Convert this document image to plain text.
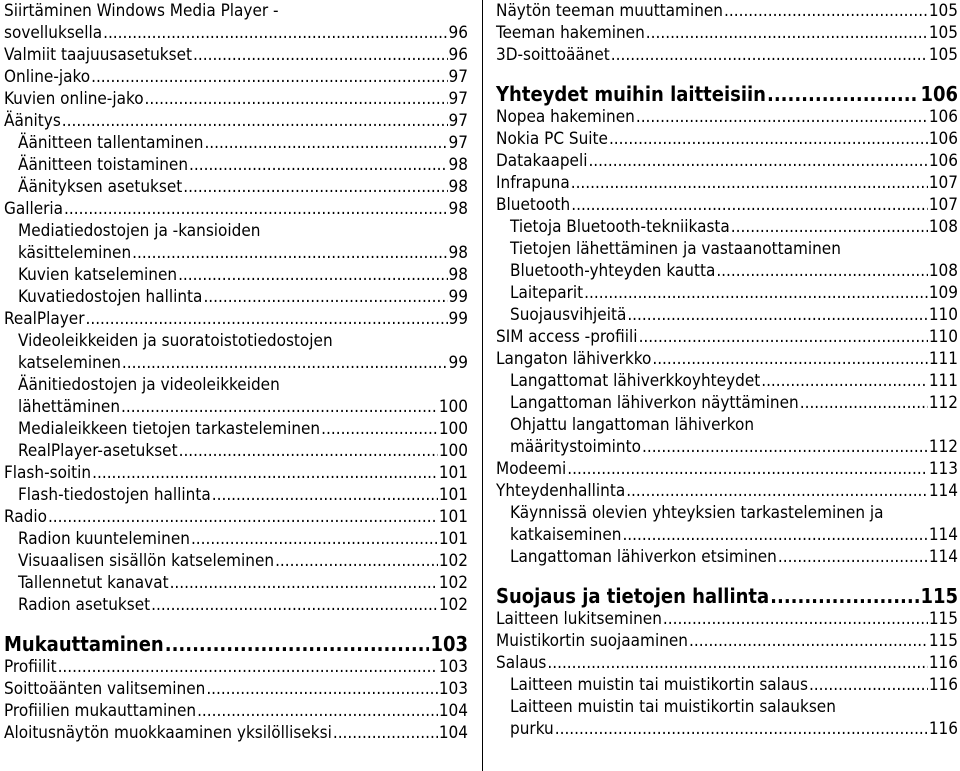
Siirtäminen Windows Media Player -
sovelluksella .....	96
Valmiit taajuusasetukset .....	96
Online-jako .....	97
Kuvien online-jako .....	97
Äänitys .....	97
Äänitteen tallentaminen .....	97
Äänitteen toistaminen .....	98
Äänityksen asetukset .....	98
Galleria .....	98
Mediatiedostojen ja -kansioiden
käsitteleminen .....	98
Kuvien katseleminen .....	98
Kuvatiedostojen hallinta .....	99
RealPlayer .....	99
Videoleikkeiden ja suoratoistotiedostojen
katseleminen .....	99
Äänitiedostojen ja videoleikkeiden
lähettäminen .....	100
Medialeikkeen tietojen tarkasteleminen .....	100
RealPlayer-asetukset .....	100
Flash-soitin .....	101
Flash-tiedostojen hallinta .....	101
Radio .....	101
Radion kuunteleminen .....	101
Visuaalisen sisällön katseleminen .....	102
Tallennetut kanavat .....	102
Radion asetukset .....	102
Mukauttaminen .....	103
Profiilit .....	103
Soittoäänten valitseminen .....	103
Profiilien mukauttaminen .....	104
Aloitusnäytön muokkaaminen yksilölliseksi .....	104
Näytön teeman muuttaminen .....	105
Teeman hakeminen .....	105
3D-soittoäänet .....	105
Yhteydet muihin laitteisiin .....	106
Nopea hakeminen .....	106
Nokia PC Suite .....	106
Datakaapeli .....	106
Infrapuna .....	107
Bluetooth .....	107
Tietoja Bluetooth-tekniikasta .....	108
Tietojen lähettäminen ja vastaanottaminen
Bluetooth-yhteyden kautta .....	108
Laiteparit .....	109
Suojausvihjeitä .....	110
SIM access -profiili .....	110
Langaton lähiverkko .....	111
Langattomat lähiverkkoyhteydet .....	111
Langattoman lähiverkon näyttäminen .....	112
Ohjattu langattoman lähiverkon
määritystoiminto .....	112
Modeemi .....	113
Yhteydenhallinta .....	114
Käynnissä olevien yhteyksien tarkasteleminen ja
katkaiseminen .....	114
Langattoman lähiverkon etsiminen .....	114
Suojaus ja tietojen hallinta .....	115
Laitteen lukitseminen .....	115
Muistikortin suojaaminen .....	115
Salaus .....	116
Laitteen muistin tai muistikortin salaus .....	116
Laitteen muistin tai muistikortin salauksen
purku .....	116
